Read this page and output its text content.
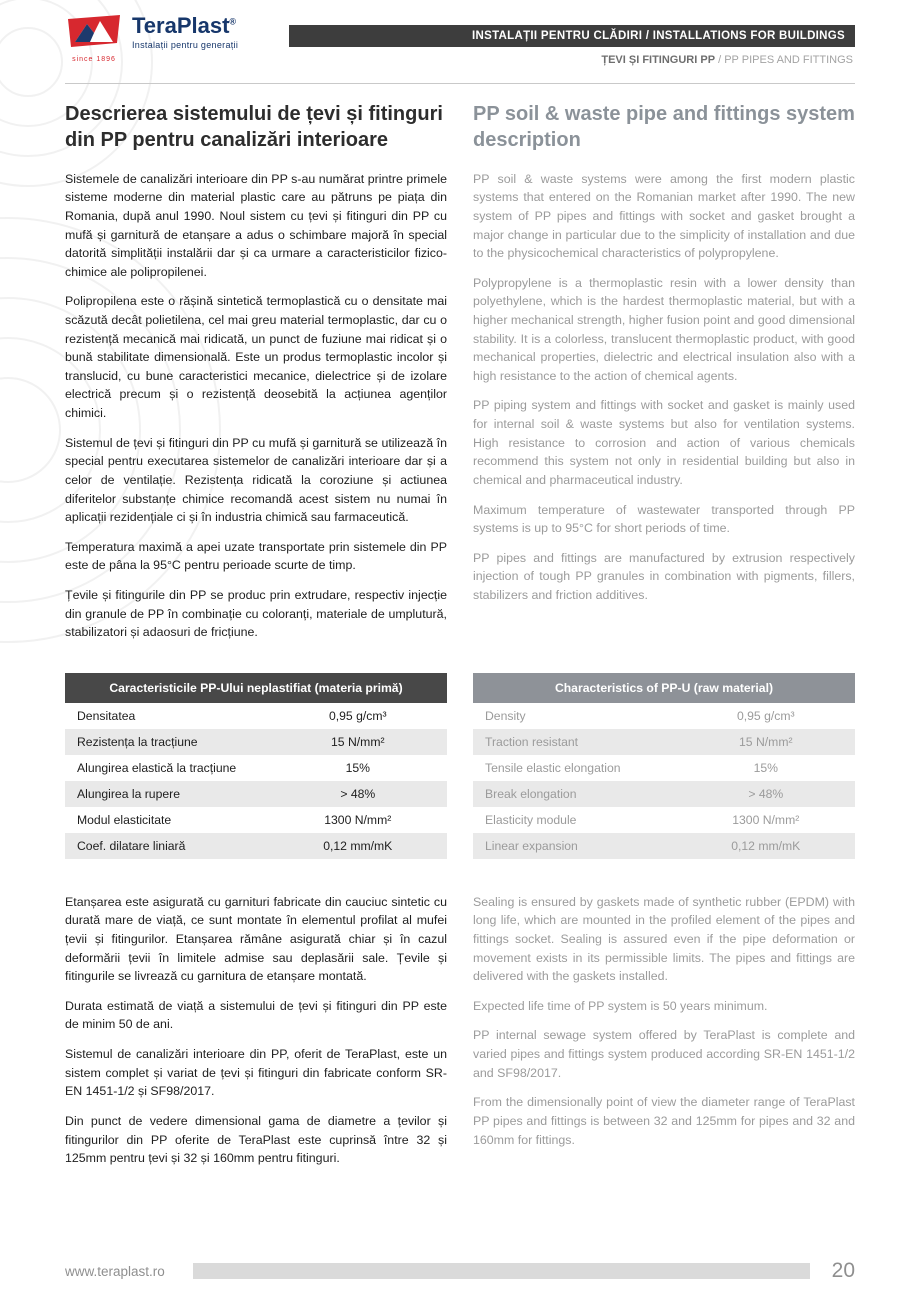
since 1896
TeraPlast®
Instalații pentru generații
INSTALAȚII PENTRU CLĂDIRI / INSTALLATIONS FOR BUILDINGS
ȚEVI ȘI FITINGURI PP / PP PIPES AND FITTINGS
Descrierea sistemului de țevi și fitinguri din PP pentru canalizări interioare

Sistemele de canalizări interioare din PP s-au numărat printre primele sisteme moderne din material plastic care au pătruns pe piața din Romania, după anul 1990. Noul sistem cu țevi și fitinguri din PP cu mufă și garnitură de etanșare a adus o schimbare majoră în special datorită simplității instalării dar și ca urmare a caracteristicilor fizico-chimice ale polipropilenei.

Polipropilena este o rășină sintetică termoplastică cu o densitate mai scăzută decât polietilena, cel mai greu material termoplastic, dar cu o rezistență mecanică mai ridicată, un punct de fuziune mai ridicat și o bună stabilitate dimensională. Este un produs termoplastic incolor și translucid, cu bune caracteristici mecanice, dielectrice și de izolare electrică precum și o rezistență deosebită la acțiunea agenților chimici.

Sistemul de țevi și fitinguri din PP cu mufă și garnitură se utilizează în special pentru executarea sistemelor de canalizări interioare dar și a celor de ventilație. Rezistența ridicată la coroziune și actiunea diferitelor substanțe chimice recomandă acest sistem nu numai în aplicații rezidențiale ci și în industria chimică sau farmaceutică.

Temperatura maximă a apei uzate transportate prin sistemele din PP este de pâna la 95°C pentru perioade scurte de timp.

Țevile și fitingurile din PP se produc prin extrudare, respectiv injecție din granule de PP în combinație cu coloranți, materiale de umplutură, stabilizatori și adaosuri de fricțiune.

PP soil & waste pipe and fittings system description

PP soil & waste systems were among the first modern plastic systems that entered on the Romanian market after 1990. The new system of PP pipes and fittings with socket and gasket brought a major change in particular due to the simplicity of installation and due to the physicochemical characteristics of polypropylene.

Polypropylene is a thermoplastic resin with a lower density than polyethylene, which is the hardest thermoplastic material, but with a higher mechanical strength, higher fusion point and good dimensional stability. It is a colorless, translucent thermoplastic product, with good mechanical properties, dielectric and electrical insulation also with a high resistance to the action of chemical agents.

PP piping system and fittings with socket and gasket is mainly used for internal soil & waste systems but also for ventilation systems. High resistance to corrosion and action of various chemicals recommend this system not only in residential building but also in chemical and pharmaceutical industry.

Maximum temperature of wastewater transported through PP systems is up to 95°C for short periods of time.

PP pipes and fittings are manufactured by extrusion respectively injection of tough PP granules in combination with pigments, fillers, stabilizers and friction additives.

Caracteristicile PP-Ului neplastifiat (materia primă)	
Densitatea	0,95 g/cm³
Rezistența la tracțiune	15 N/mm²
Alungirea elastică la tracțiune	15%
Alungirea la rupere	> 48%
Modul elasticitate	1300 N/mm²
Coef. dilatare liniară	0,12 mm/mK
Characteristics of PP-U (raw material)	
Density	0,95 g/cm³
Traction resistant	15 N/mm²
Tensile elastic elongation	15%
Break elongation	> 48%
Elasticity module	1300 N/mm²
Linear expansion	0,12 mm/mK

Etanșarea este asigurată cu garnituri fabricate din cauciuc sintetic cu durată mare de viață, ce sunt montate în elementul profilat al mufei țevii și fitingurilor. Etanșarea rămâne asigurată chiar și în cazul deformării țevii în limitele admise sau deplasării sale. Țevile și fitingurile se livrează cu garnitura de etanșare montată.

Durata estimată de viață a sistemului de țevi și fitinguri din PP este de minim 50 de ani.

Sistemul de canalizări interioare din PP, oferit de TeraPlast, este un sistem complet și variat de țevi și fitinguri din fabricate conform SR-EN 1451-1/2 și SF98/2017.

Din punct de vedere dimensional gama de diametre a țevilor și fitingurilor din PP oferite de TeraPlast este cuprinsă între 32 și 125mm pentru țevi și 32 și 160mm pentru fitinguri.

Sealing is ensured by gaskets made of synthetic rubber (EPDM) with long life, which are mounted in the profiled element of the pipes and fittings socket. Sealing is assured even if the pipe deformation or movement exists in its permissible limits. The pipes and fittings are delivered with the gaskets installed.

Expected life time of PP system is 50 years minimum.

PP internal sewage system offered by TeraPlast is complete and varied pipes and fittings system produced according SR-EN 1451-1/2 and SF98/2017.

From the dimensionally point of view the diameter range of TeraPlast PP pipes and fittings is between 32 and 125mm for pipes and 32 and 160mm for fittings.

www.teraplast.ro	20
